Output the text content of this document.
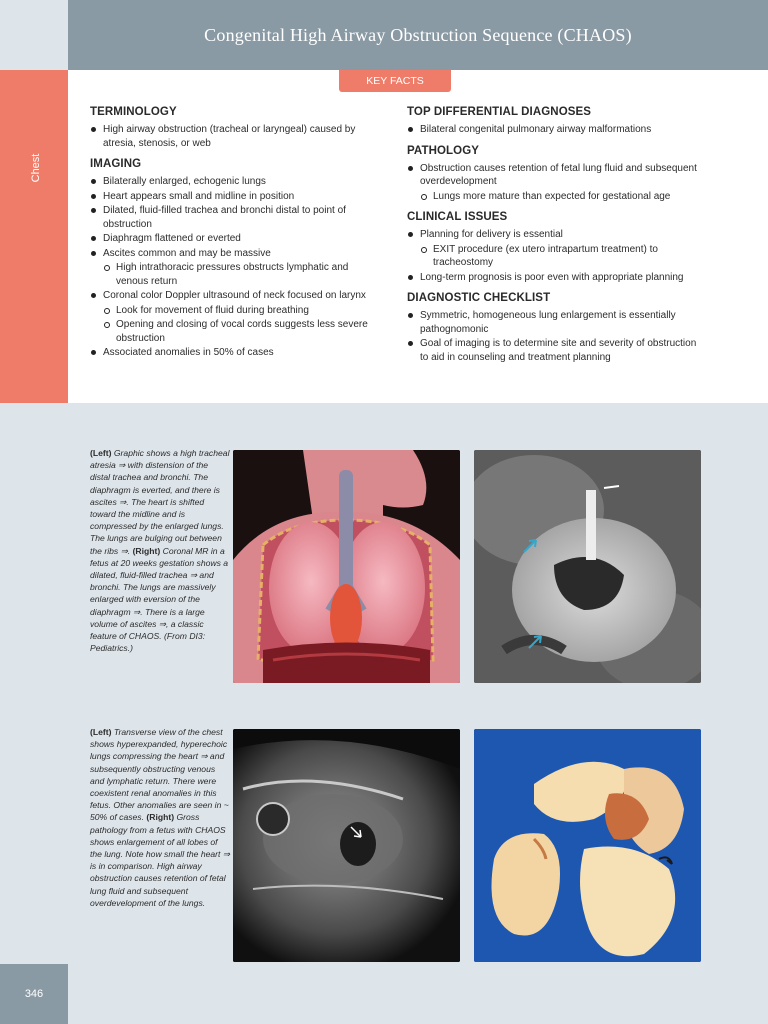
Congenital High Airway Obstruction Sequence (CHAOS)
Chest
KEY FACTS
TERMINOLOGY
High airway obstruction (tracheal or laryngeal) caused by atresia, stenosis, or web
IMAGING
Bilaterally enlarged, echogenic lungs
Heart appears small and midline in position
Dilated, fluid-filled trachea and bronchi distal to point of obstruction
Diaphragm flattened or everted
Ascites common and may be massive
High intrathoracic pressures obstructs lymphatic and venous return
Coronal color Doppler ultrasound of neck focused on larynx
Look for movement of fluid during breathing
Opening and closing of vocal cords suggests less severe obstruction
Associated anomalies in 50% of cases
TOP DIFFERENTIAL DIAGNOSES
Bilateral congenital pulmonary airway malformations
PATHOLOGY
Obstruction causes retention of fetal lung fluid and subsequent overdevelopment
Lungs more mature than expected for gestational age
CLINICAL ISSUES
Planning for delivery is essential
EXIT procedure (ex utero intrapartum treatment) to tracheostomy
Long-term prognosis is poor even with appropriate planning
DIAGNOSTIC CHECKLIST
Symmetric, homogeneous lung enlargement is essentially pathognomonic
Goal of imaging is to determine site and severity of obstruction to aid in counseling and treatment planning
(Left) Graphic shows a high tracheal atresia ⇒ with distension of the distal trachea and bronchi. The diaphragm is everted, and there is ascites ⇒. The heart is shifted toward the midline and is compressed by the enlarged lungs. The lungs are bulging out between the ribs ⇒. (Right) Coronal MR in a fetus at 20 weeks gestation shows a dilated, fluid-filled trachea ⇒ and bronchi. The lungs are massively enlarged with eversion of the diaphragm ⇒. There is a large volume of ascites ⇒, a classic feature of CHAOS. (From DI3: Pediatrics.)
(Left) Transverse view of the chest shows hyperexpanded, hyperechoic lungs compressing the heart ⇒ and subsequently obstructing venous and lymphatic return. There were coexistent renal anomalies in this fetus. Other anomalies are seen in ~ 50% of cases. (Right) Gross pathology from a fetus with CHAOS shows enlargement of all lobes of the lung. Note how small the heart ⇒ is in comparison. High airway obstruction causes retention of fetal lung fluid and subsequent overdevelopment of the lungs.
346
